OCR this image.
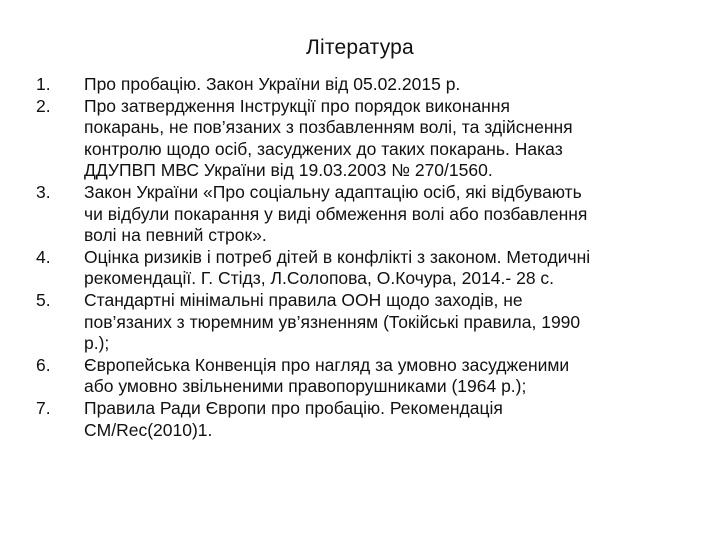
Література
1.	Про пробацію. Закон України від 05.02.2015 р.
2.	Про затвердження Інструкції про порядок виконання
покарань, не пов’язаних з позбавленням волі, та здійснення
контролю щодо осіб, засуджених до таких покарань. Наказ
ДДУПВП МВС України від 19.03.2003 № 270/1560.
3.	Закон України «Про соціальну адаптацію осіб, які відбувають
чи відбули покарання у виді обмеження волі або позбавлення
волі на певний строк».
4.	Оцінка ризиків і потреб дітей в конфлікті з законом. Методичні
рекомендації. Г. Стідз, Л.Солопова, О.Кочура, 2014.- 28 с.
5.	Стандартні мінімальні правила ООН щодо заходів, не
пов’язаних з тюремним ув’язненням (Токійські правила, 1990
р.);
6.	Європейська Конвенція про нагляд за умовно засудженими
або умовно звільненими правопорушниками (1964 р.);
7.	Правила Ради Європи про пробацію. Рекомендація
CM/Rec(2010)1.
